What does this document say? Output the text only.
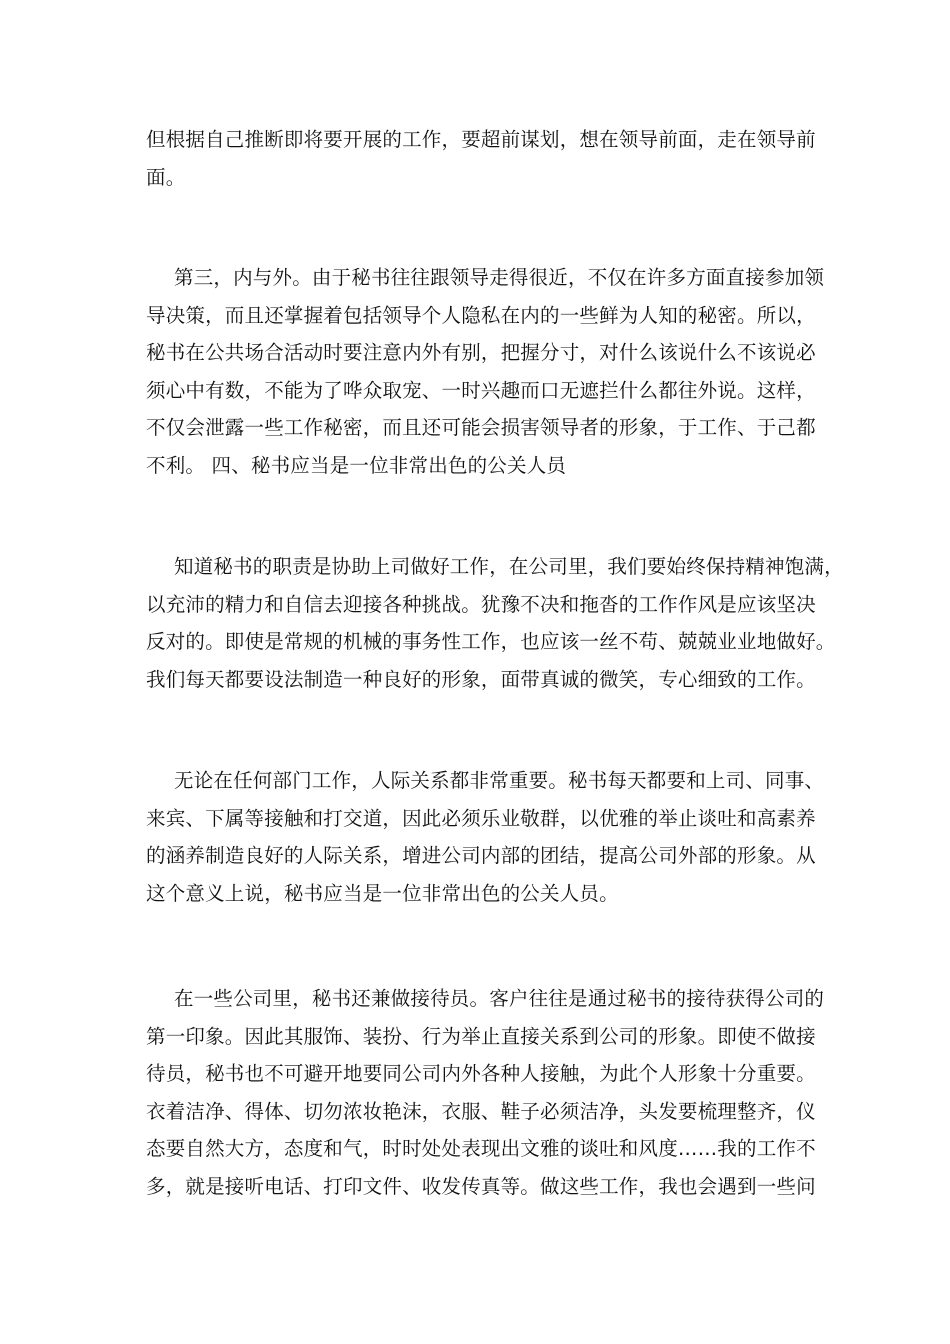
但根据自己推断即将要开展的工作，要超前谋划，想在领导前面，走在领导前
面。
第三，内与外。由于秘书往往跟领导走得很近，不仅在许多方面直接参加领
导决策，而且还掌握着包括领导个人隐私在内的一些鲜为人知的秘密。所以，
秘书在公共场合活动时要注意内外有别，把握分寸，对什么该说什么不该说必
须心中有数，不能为了哗众取宠、一时兴趣而口无遮拦什么都往外说。这样，
不仅会泄露一些工作秘密，而且还可能会损害领导者的形象，于工作、于己都
不利。 四、秘书应当是一位非常出色的公关人员
知道秘书的职责是协助上司做好工作，在公司里，我们要始终保持精神饱满，
以充沛的精力和自信去迎接各种挑战。犹豫不决和拖沓的工作作风是应该坚决
反对的。即使是常规的机械的事务性工作，也应该一丝不苟、兢兢业业地做好。
我们每天都要设法制造一种良好的形象，面带真诚的微笑，专心细致的工作。
无论在任何部门工作，人际关系都非常重要。秘书每天都要和上司、同事、
来宾、下属等接触和打交道，因此必须乐业敬群，以优雅的举止谈吐和高素养
的涵养制造良好的人际关系，增进公司内部的团结，提高公司外部的形象。从
这个意义上说，秘书应当是一位非常出色的公关人员。
在一些公司里，秘书还兼做接待员。客户往往是通过秘书的接待获得公司的
第一印象。因此其服饰、装扮、行为举止直接关系到公司的形象。即使不做接
待员，秘书也不可避开地要同公司内外各种人接触，为此个人形象十分重要。
衣着洁净、得体、切勿浓妆艳沫，衣服、鞋子必须洁净，头发要梳理整齐，仪
态要自然大方，态度和气，时时处处表现出文雅的谈吐和风度……我的工作不
多，就是接听电话、打印文件、收发传真等。做这些工作，我也会遇到一些问
